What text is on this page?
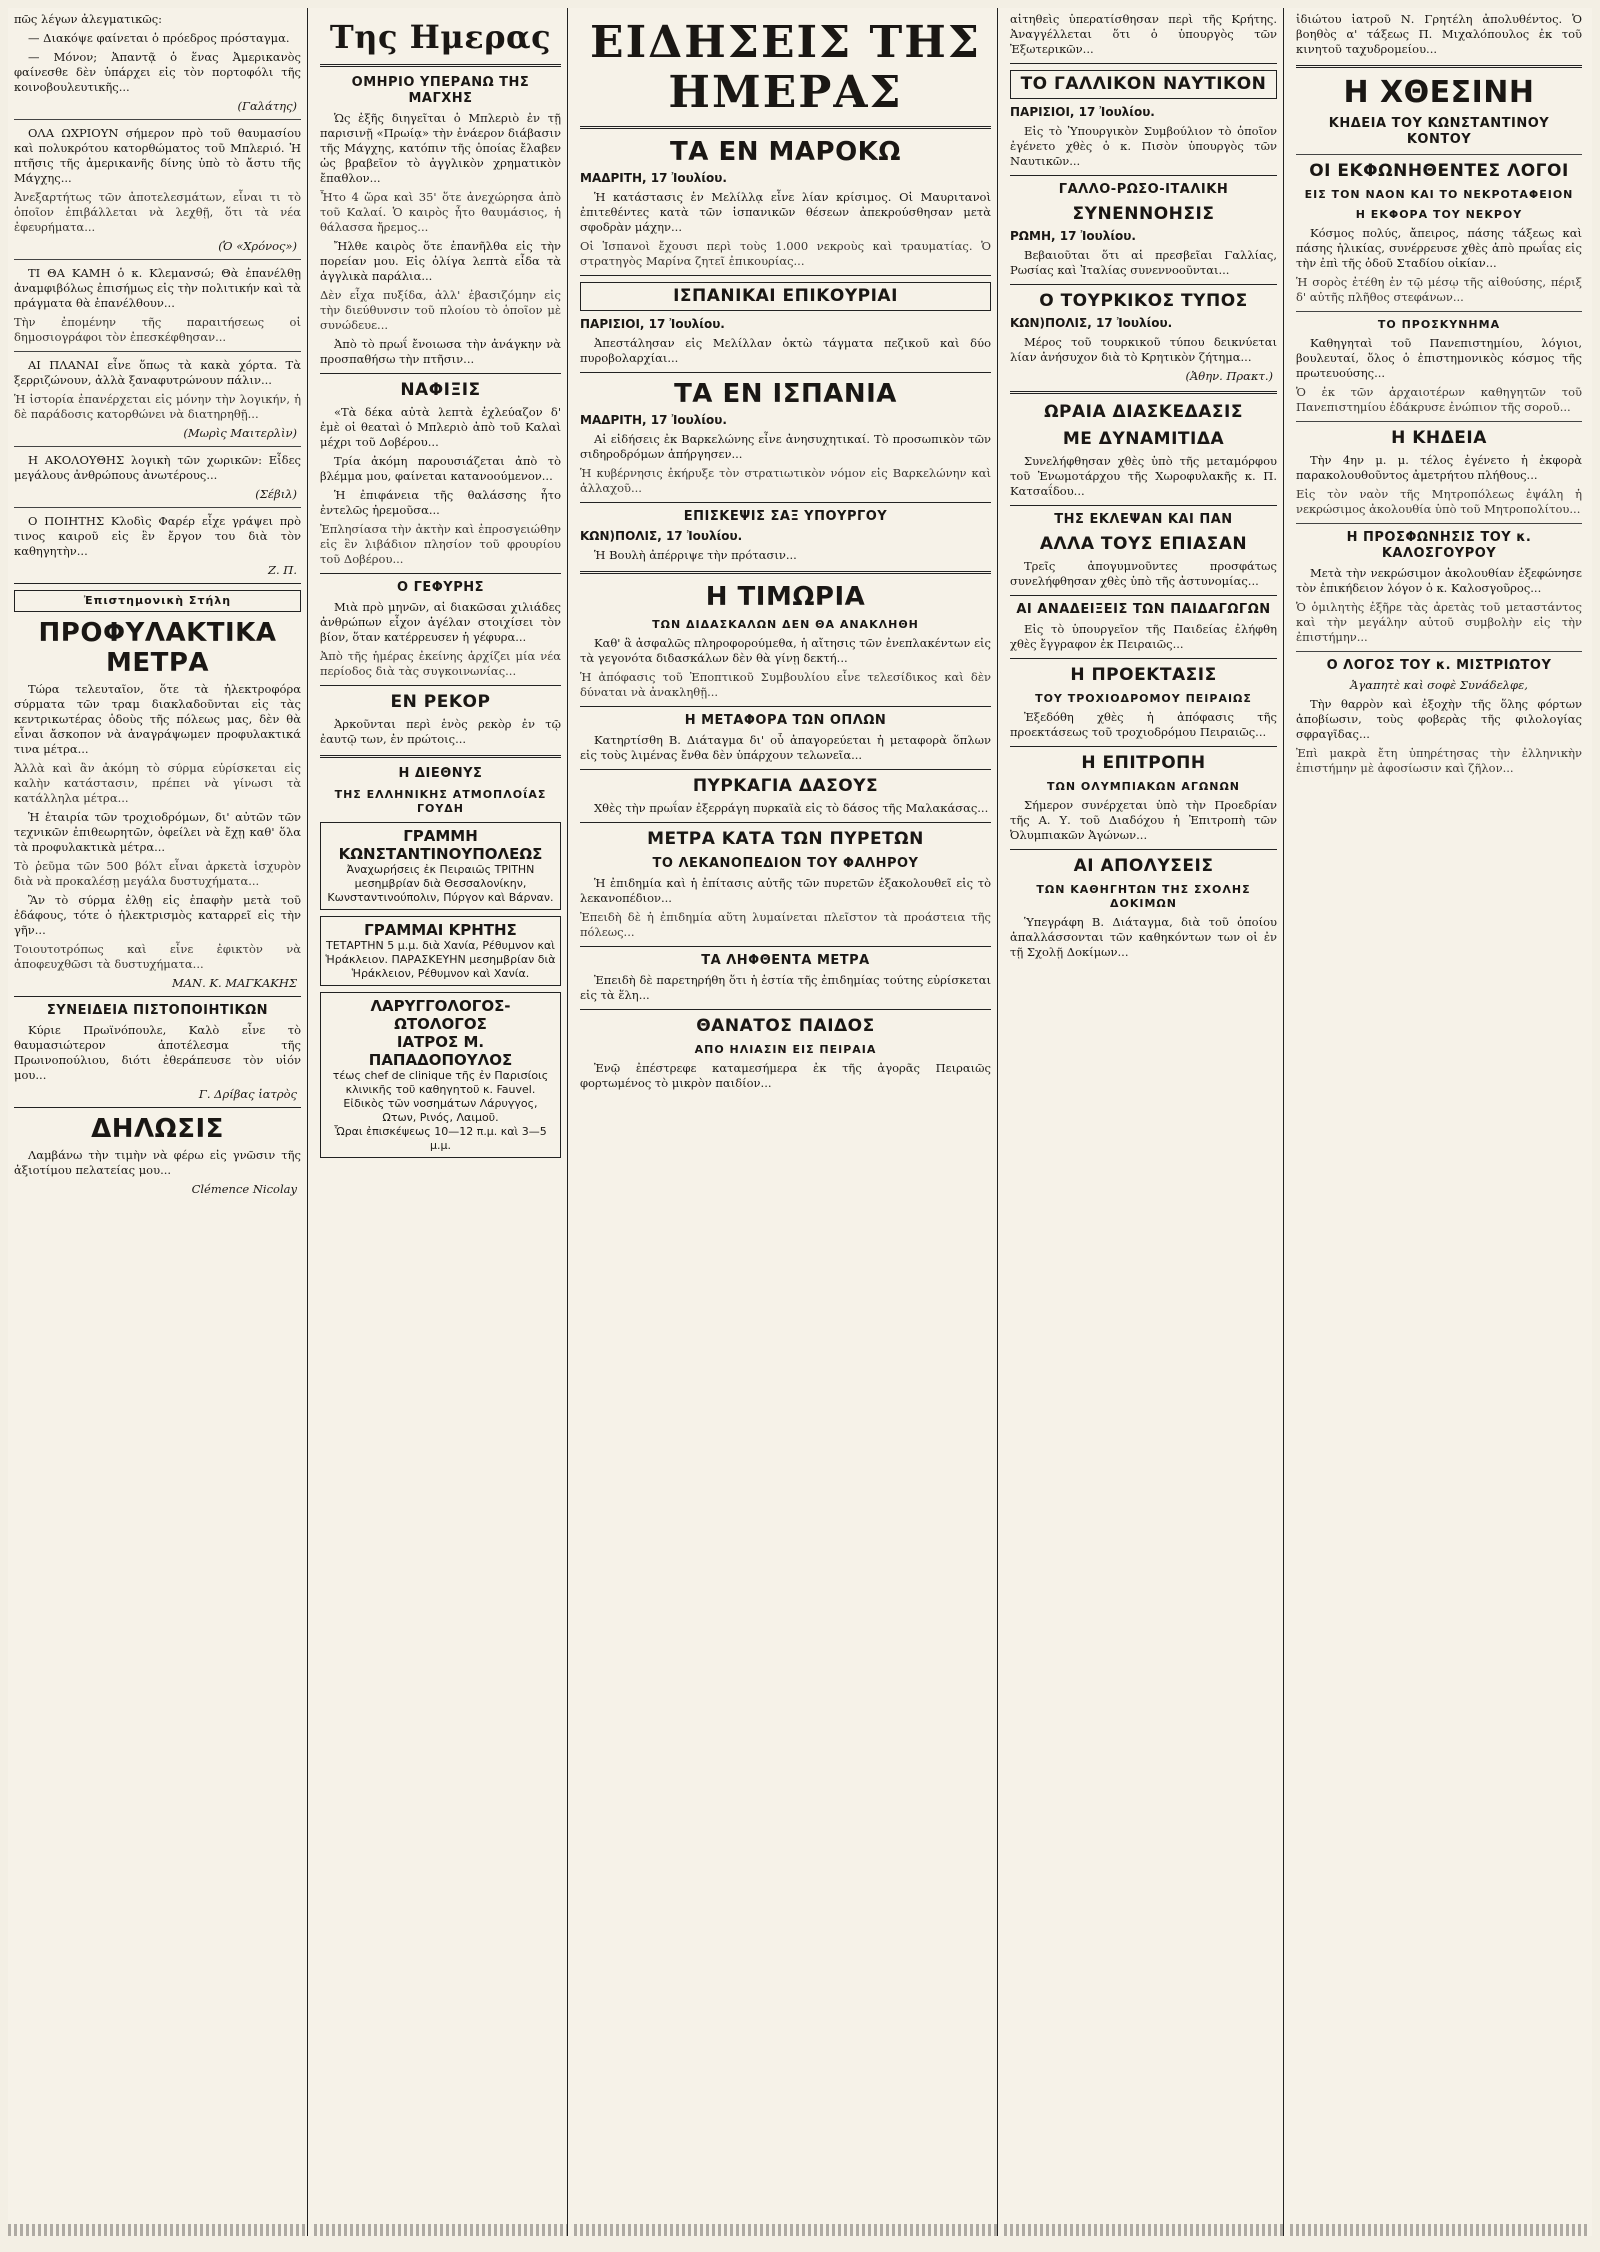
πῶς λέγων ἀλεγματικῶς:

— Διακόψε φαίνεται ὁ πρόεδρος πρόσταγμα.

— Μόνον; Ἀπαντᾷ ὁ ἕνας Ἀμερικανὸς φαίνεσθε δὲν ὑπάρχει εἰς τὸν πορτοφόλι τῆς κοινοβουλευτικῆς...

(Γαλάτης)

ΟΛΑ ΩΧΡΙΟΥΝ σήμερον πρὸ τοῦ θαυμασίου καὶ πολυκρότου κατορθώματος τοῦ Μπλεριό. Ἡ πτῆσις τῆς ἀμερικανῆς δίνης ὑπὸ τὸ ἄστυ τῆς Μάγχης...

Ἀνεξαρτήτως τῶν ἀποτελεσμάτων, εἶναι τι τὸ ὁποῖον ἐπιβάλλεται νὰ λεχθῇ, ὅτι τὰ νέα ἐφευρήματα...

(Ὁ «Χρόνος»)

ΤΙ ΘΑ ΚΑΜΗ ὁ κ. Κλεμανσώ; Θὰ ἐπανέλθῃ ἀναμφιβόλως ἐπισήμως εἰς τὴν πολιτικήν καὶ τὰ πράγματα θὰ ἐπανέλθουν...

Τὴν ἐπομένην τῆς παραιτήσεως οἱ δημοσιογράφοι τὸν ἐπεσκέφθησαν...

ΑΙ ΠΛΑΝΑΙ εἶνε ὅπως τὰ κακὰ χόρτα. Τὰ ξερριζώνουν, ἀλλὰ ξαναφυτρώνουν πάλιν...

Ἡ ἱστορία ἐπανέρχεται εἰς μόνην τὴν λογικήν, ἡ δὲ παράδοσις κατορθώνει νὰ διατηρηθῇ...

(Μωρὶς Μαιτερλὶν)

Η ΑΚΟΛΟΥΘΗΣ λογικὴ τῶν χωρικῶν: Εἶδες μεγάλους ἀνθρώπους ἀνωτέρους...

(Σέβιλ)

Ο ΠΟΙΗΤΗΣ Κλοδὶς Φαρέρ εἶχε γράψει πρὸ τινος καιροῦ εἰς ἓν ἔργον του διὰ τὸν καθηγητὴν...

Ζ. Π.
Ἐπιστημονικὴ Στήλη
ΠΡΟΦΥΛΑΚΤΙΚΑ ΜΕΤΡΑ

Τώρα τελευταῖον, ὅτε τὰ ἠλεκτροφόρα σύρματα τῶν τραμ διακλαδοῦνται εἰς τὰς κεντρικωτέρας ὁδοὺς τῆς πόλεως μας, δὲν θὰ εἶναι ἄσκοπον νὰ ἀναγράψωμεν προφυλακτικά τινα μέτρα...

Ἀλλὰ καὶ ἂν ἀκόμη τὸ σύρμα εὑρίσκεται εἰς καλὴν κατάστασιν, πρέπει νὰ γίνωσι τὰ κατάλληλα μέτρα...

Ἡ ἑταιρία τῶν τροχιοδρόμων, δι' αὐτῶν τῶν τεχνικῶν ἐπιθεωρητῶν, ὀφείλει νὰ ἔχῃ καθ' ὅλα τὰ προφυλακτικὰ μέτρα...

Τὸ ῥεῦμα τῶν 500 βόλτ εἶναι ἀρκετὰ ἰσχυρὸν διὰ νὰ προκαλέσῃ μεγάλα δυστυχήματα...

Ἂν τὸ σύρμα ἐλθῃ εἰς ἐπαφὴν μετὰ τοῦ ἐδάφους, τότε ὁ ἠλεκτρισμὸς καταρρεῖ εἰς τὴν γῆν...

Τοιουτοτρόπως καὶ εἶνε ἐφικτὸν νὰ ἀποφευχθῶσι τὰ δυστυχήματα...

ΜΑΝ. Κ. ΜΑΓΚΑΚΗΣ
ΣΥΝΕΙΔΕΙΑ ΠΙΣΤΟΠΟΙΗΤΙΚΩΝ

Κύριε Πρωϊνόπουλε, Καλὸ εἶνε τὸ θαυμασιώτερον ἀποτέλεσμα τῆς Πρωινοπούλιου, διότι ἐθεράπευσε τὸν υἱόν μου...

Γ. Δρίβας ἰατρὸς
ΔΗΛΩΣΙΣ

Λαμβάνω τὴν τιμὴν νὰ φέρω εἰς γνῶσιν τῆς ἀξιοτίμου πελατείας μου...

Clémence Nicolay
Της Ημερας
ΟΜΗΡΙΟ ΥΠΕΡΑΝΩ ΤΗΣ ΜΑΓΧΗΣ

Ὡς ἐξῆς διηγεῖται ὁ Μπλεριὸ ἐν τῇ παρισινῇ «Πρωίᾳ» τὴν ἐνάερον διάβασιν τῆς Μάγχης, κατόπιν τῆς ὁποίας ἔλαβεν ὡς βραβεῖον τὸ ἀγγλικὸν χρηματικὸν ἔπαθλον...

Ἦτο 4 ὥρα καὶ 35' ὅτε ἀνεχώρησα ἀπὸ τοῦ Καλαί. Ὁ καιρὸς ἦτο θαυμάσιος, ἡ θάλασσα ἤρεμος...

Ἤλθε καιρὸς ὅτε ἐπανῆλθα εἰς τὴν πορείαν μου. Εἰς ὀλίγα λεπτὰ εἶδα τὰ ἀγγλικὰ παράλια...

Δὲν εἶχα πυξίδα, ἀλλ' ἐβασιζόμην εἰς τὴν διεύθυνσιν τοῦ πλοίου τὸ ὁποῖον μὲ συνώδευε...

Ἀπὸ τὸ πρωΐ ἔνοιωσα τὴν ἀνάγκην νὰ προσπαθήσω τὴν πτῆσιν...

ΝΑΦΙΞΙΣ

«Τὰ δέκα αὐτὰ λεπτὰ ἐχλεύαζον δ' ἐμὲ οἱ θεαταὶ ὁ Μπλεριὸ ἀπὸ τοῦ Καλαὶ μέχρι τοῦ Δοβέρου...

Τρία ἀκόμη παρουσιάζεται ἀπὸ τὸ βλέμμα μου, φαίνεται κατανοούμενον...

Ἡ ἐπιφάνεια τῆς θαλάσσης ἦτο ἐντελῶς ἠρεμοῦσα...

Ἐπλησίασα τὴν ἀκτὴν καὶ ἐπροσγειώθην εἰς ἓν λιβάδιον πλησίον τοῦ φρουρίου τοῦ Δοβέρου...

Ο ΓΕΦΥΡΗΣ

Μιὰ πρὸ μηνῶν, αἱ διακῶσαι χιλιάδες ἀνθρώπων εἶχον ἀγέλαν στοιχίσει τὸν βίον, ὅταν κατέρρευσεν ἡ γέφυρα...

Ἀπὸ τῆς ἡμέρας ἐκείνης ἀρχίζει μία νέα περίοδος διὰ τὰς συγκοινωνίας...

ΕΝ ΡΕΚΟΡ

Ἀρκοῦνται περὶ ἑνὸς ρεκὸρ ἐν τῷ ἐαυτῷ των, ἐν πρώτοις...

Η ΔΙΕΘΝΥΣ
ΤΗΣ ΕΛΛΗΝΙΚΗΣ ΑΤΜΟΠΛΟΐΑΣ ΓΟΥΔΗ
ΓΡΑΜΜΗ ΚΩΝΣΤΑΝΤΙΝΟΥΠΟΛΕΩΣ
Ἀναχωρήσεις ἐκ Πειραιῶς ΤΡΙΤΗΝ μεσημβρίαν διὰ Θεσσαλονίκην, Κωνσταντινούπολιν, Πύργον καὶ Βάρναν.
ΓΡΑΜΜΑΙ ΚΡΗΤΗΣ
ΤΕΤΑΡΤΗΝ 5 μ.μ. διὰ Χανία, Ρέθυμνον καὶ Ἡράκλειον. ΠΑΡΑΣΚΕΥΗΝ μεσημβρίαν διὰ Ἡράκλειον, Ρέθυμνον καὶ Χανία.
ΛΑΡΥΓΓΟΛΟΓΟΣ-ΩΤΟΛΟΓΟΣ
ΙΑΤΡΟΣ Μ. ΠΑΠΑΔΟΠΟΥΛΟΣ
τέως chef de clinique τῆς ἐν Παρισίοις κλινικῆς τοῦ καθηγητοῦ κ. Fauvel. Εἰδικὸς τῶν νοσημάτων Λάρυγγος, Ωτων, Ρινός, Λαιμοῦ.
Ὧραι ἐπισκέψεως 10—12 π.μ. καὶ 3—5 μ.μ.
ΕΙΔΗΣΕΙΣ ΤΗΣ ΗΜΕΡΑΣ
ΤΑ ΕΝ ΜΑΡΟΚΩ

ΜΑΔΡΙΤΗ, 17 Ἰουλίου.

Ἡ κατάστασις ἐν Μελίλλᾳ εἶνε λίαν κρίσιμος. Οἱ Μαυριτανοὶ ἐπιτεθέντες κατὰ τῶν ἱσπανικῶν θέσεων ἀπεκρούσθησαν μετὰ σφοδρὰν μάχην...

Οἱ Ἱσπανοὶ ἔχουσι περὶ τοὺς 1.000 νεκροὺς καὶ τραυματίας. Ὁ στρατηγὸς Μαρίνα ζητεῖ ἐπικουρίας...

ΙΣΠΑΝΙΚΑΙ ΕΠΙΚΟΥΡΙΑΙ

ΠΑΡΙΣΙΟΙ, 17 Ἰουλίου.

Ἀπεστάλησαν εἰς Μελίλλαν ὀκτὼ τάγματα πεζικοῦ καὶ δύο πυροβολαρχίαι...

ΤΑ ΕΝ ΙΣΠΑΝΙΑ

ΜΑΔΡΙΤΗ, 17 Ἰουλίου.

Αἱ εἰδήσεις ἐκ Βαρκελώνης εἶνε ἀνησυχητικαί. Τὸ προσωπικὸν τῶν σιδηροδρόμων ἀπήργησεν...

Ἡ κυβέρνησις ἐκήρυξε τὸν στρατιωτικὸν νόμον εἰς Βαρκελώνην καὶ ἀλλαχοῦ...

ΕΠΙΣΚΕΨΙΣ ΣΑΞ ΥΠΟΥΡΓΟΥ

ΚΩΝ)ΠΟΛΙΣ, 17 Ἰουλίου.

Ἡ Βουλὴ ἀπέρριψε τὴν πρότασιν...

Η ΤΙΜΩΡΙΑ
ΤΩΝ ΔΙΔΑΣΚΑΛΩΝ ΔΕΝ ΘΑ ΑΝΑΚΛΗΘΗ

Καθ' ἃ ἀσφαλῶς πληροφορούμεθα, ἡ αἴτησις τῶν ἐνεπλακέντων εἰς τὰ γεγονότα διδασκάλων δὲν θὰ γίνῃ δεκτή...

Ἡ ἀπόφασις τοῦ Ἐποπτικοῦ Συμβουλίου εἶνε τελεσίδικος καὶ δὲν δύναται νὰ ἀνακληθῇ...

Η ΜΕΤΑΦΟΡΑ ΤΩΝ ΟΠΛΩΝ

Κατηρτίσθη Β. Διάταγμα δι' οὗ ἀπαγορεύεται ἡ μεταφορὰ ὅπλων εἰς τοὺς λιμένας ἔνθα δὲν ὑπάρχουν τελωνεῖα...

ΠΥΡΚΑΓΙΑ ΔΑΣΟΥΣ

Χθὲς τὴν πρωΐαν ἐξερράγη πυρκαϊὰ εἰς τὸ δάσος τῆς Μαλακάσας...

ΜΕΤΡΑ ΚΑΤΑ ΤΩΝ ΠΥΡΕΤΩΝ
ΤΟ ΛΕΚΑΝΟΠΕΔΙΟΝ ΤΟΥ ΦΑΛΗΡΟΥ

Ἡ ἐπιδημία καὶ ἡ ἐπίτασις αὐτῆς τῶν πυρετῶν ἐξακολουθεῖ εἰς τὸ λεκανοπέδιον...

Ἐπειδὴ δὲ ἡ ἐπιδημία αὕτη λυμαίνεται πλεῖστον τὰ προάστεια τῆς πόλεως...

ΤΑ ΛΗΦΘΕΝΤΑ ΜΕΤΡΑ

Ἐπειδὴ δὲ παρετηρήθη ὅτι ἡ ἑστία τῆς ἐπιδημίας τούτης εὑρίσκεται εἰς τὰ ἕλη...

ΘΑΝΑΤΟΣ ΠΑΙΔΟΣ
ΑΠΟ ΗΛΙΑΣΙΝ ΕΙΣ ΠΕΙΡΑΙΑ

Ἐνῷ ἐπέστρεφε καταμεσήμερα ἐκ τῆς ἀγορᾶς Πειραιῶς φορτωμένος τὸ μικρὸν παιδίον...

αἰτηθεὶς ὑπερατίσθησαν περὶ τῆς Κρήτης. Ἀναγγέλλεται ὅτι ὁ ὑπουργὸς τῶν Ἐξωτερικῶν...

ΤΟ ΓΑΛΛΙΚΟΝ ΝΑΥΤΙΚΟΝ

ΠΑΡΙΣΙΟΙ, 17 Ἰουλίου.

Εἰς τὸ Ὑπουργικὸν Συμβούλιον τὸ ὁποῖον ἐγένετο χθὲς ὁ κ. Πισὸν ὑπουργὸς τῶν Ναυτικῶν...

ΓΑΛΛΟ-ΡΩΣΟ-ΙΤΑΛΙΚΗ
ΣΥΝΕΝΝΟΗΣΙΣ

ΡΩΜΗ, 17 Ἰουλίου.

Βεβαιοῦται ὅτι αἱ πρεσβεῖαι Γαλλίας, Ρωσίας καὶ Ἰταλίας συνεννοοῦνται...

Ο ΤΟΥΡΚΙΚΟΣ ΤΥΠΟΣ

ΚΩΝ)ΠΟΛΙΣ, 17 Ἰουλίου.

Μέρος τοῦ τουρκικοῦ τύπου δεικνύεται λίαν ἀνήσυχον διὰ τὸ Κρητικὸν ζήτημα...

(Ἀθην. Πρακτ.)
ΩΡΑΙΑ ΔΙΑΣΚΕΔΑΣΙΣ
ΜΕ ΔΥΝΑΜΙΤΙΔΑ

Συνελήφθησαν χθὲς ὑπὸ τῆς μεταμόρφου τοῦ Ἐνωμοτάρχου τῆς Χωροφυλακῆς κ. Π. Κατσαΐδου...

ΤΗΣ ΕΚΛΕΨΑΝ ΚΑΙ ΠΑΝ
ΑΛΛΑ ΤΟΥΣ ΕΠΙΑΣΑΝ

Τρεῖς ἀπογυμνοῦντες προσφάτως συνελήφθησαν χθὲς ὑπὸ τῆς ἀστυνομίας...

ΑΙ ΑΝΑΔΕΙΞΕΙΣ ΤΩΝ ΠΑΙΔΑΓΩΓΩΝ

Εἰς τὸ ὑπουργεῖον τῆς Παιδείας ἐλήφθη χθὲς ἔγγραφον ἐκ Πειραιῶς...

Η ΠΡΟΕΚΤΑΣΙΣ
ΤΟΥ ΤΡΟΧΙΟΔΡΟΜΟΥ ΠΕΙΡΑΙΩΣ

Ἐξεδόθη χθὲς ἡ ἀπόφασις τῆς προεκτάσεως τοῦ τροχιοδρόμου Πειραιῶς...

Η ΕΠΙΤΡΟΠΗ
ΤΩΝ ΟΛΥΜΠΙΑΚΩΝ ΑΓΩΝΩΝ

Σήμερον συνέρχεται ὑπὸ τὴν Προεδρίαν τῆς Α. Υ. τοῦ Διαδόχου ἡ Ἐπιτροπὴ τῶν Ὀλυμπιακῶν Ἀγώνων...

ΑΙ ΑΠΟΛΥΣΕΙΣ
ΤΩΝ ΚΑΘΗΓΗΤΩΝ ΤΗΣ ΣΧΟΛΗΣ ΔΟΚΙΜΩΝ

Ὑπεγράφη Β. Διάταγμα, διὰ τοῦ ὁποίου ἀπαλλάσσονται τῶν καθηκόντων των οἱ ἐν τῇ Σχολῇ Δοκίμων...

ἰδιώτου ἰατροῦ Ν. Γρητέλη ἀπολυθέντος. Ὁ βοηθὸς α' τάξεως Π. Μιχαλόπουλος ἐκ τοῦ κινητοῦ ταχυδρομείου...

Η ΧΘΕΣΙΝΗ
ΚΗΔΕΙΑ ΤΟΥ ΚΩΝΣΤΑΝΤΙΝΟΥ ΚΟΝΤΟΥ
ΟΙ ΕΚΦΩΝΗΘΕΝΤΕΣ ΛΟΓΟΙ
ΕΙΣ ΤΟΝ ΝΑΟΝ ΚΑΙ ΤΟ ΝΕΚΡΟΤΑΦΕΙΟΝ
Η ΕΚΦΟΡΑ ΤΟΥ ΝΕΚΡΟΥ

Κόσμος πολύς, ἄπειρος, πάσης τάξεως καὶ πάσης ἡλικίας, συνέρρευσε χθὲς ἀπὸ πρωΐας εἰς τὴν ἐπὶ τῆς ὁδοῦ Σταδίου οἰκίαν...

Ἡ σορὸς ἐτέθη ἐν τῷ μέσῳ τῆς αἰθούσης, πέριξ δ' αὐτῆς πλῆθος στεφάνων...

ΤΟ ΠΡΟΣΚΥΝΗΜΑ

Καθηγηταὶ τοῦ Πανεπιστημίου, λόγιοι, βουλευταί, ὅλος ὁ ἐπιστημονικὸς κόσμος τῆς πρωτευούσης...

Ὁ ἐκ τῶν ἀρχαιοτέρων καθηγητῶν τοῦ Πανεπιστημίου ἐδάκρυσε ἐνώπιον τῆς σοροῦ...

Η ΚΗΔΕΙΑ

Τὴν 4ην μ. μ. τέλος ἐγένετο ἡ ἐκφορὰ παρακολουθοῦντος ἀμετρήτου πλήθους...

Εἰς τὸν ναὸν τῆς Μητροπόλεως ἐψάλη ἡ νεκρώσιμος ἀκολουθία ὑπὸ τοῦ Μητροπολίτου...

Η ΠΡΟΣΦΩΝΗΣΙΣ ΤΟΥ κ. ΚΑΛΟΣΓΟΥΡΟΥ

Μετὰ τὴν νεκρώσιμον ἀκολουθίαν ἐξεφώνησε τὸν ἐπικήδειον λόγον ὁ κ. Καλοσγοῦρος...

Ὁ ὁμιλητὴς ἐξῆρε τὰς ἀρετὰς τοῦ μεταστάντος καὶ τὴν μεγάλην αὐτοῦ συμβολὴν εἰς τὴν ἐπιστήμην...

Ο ΛΟΓΟΣ ΤΟΥ κ. ΜΙΣΤΡΙΩΤΟΥ

Ἀγαπητὲ καὶ σοφὲ Συνάδελφε,

Τὴν θαρρὸν καὶ ἐξοχὴν τῆς ὅλης φόρτων ἀποβίωσιν, τοὺς φοβερὰς τῆς φιλολογίας σφραγῖδας...

Ἐπὶ μακρὰ ἔτη ὑπηρέτησας τὴν ἐλληνικὴν ἐπιστήμην μὲ ἀφοσίωσιν καὶ ζῆλον...
